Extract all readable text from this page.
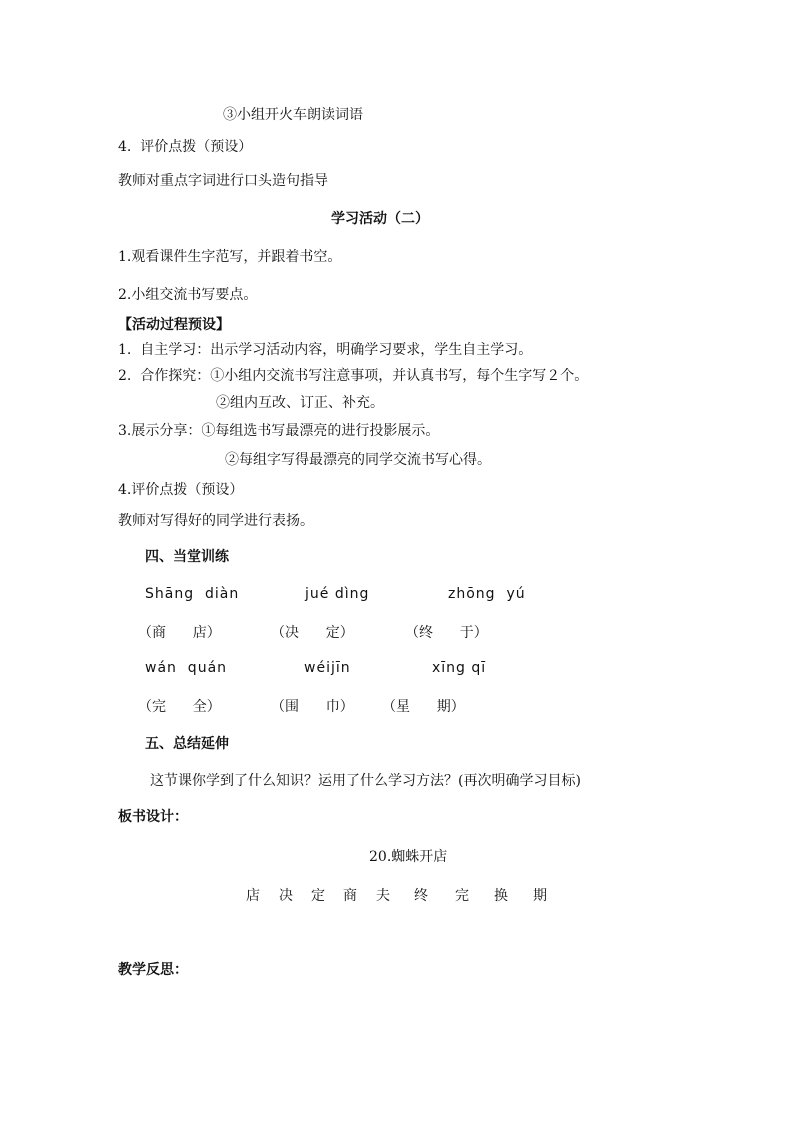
③小组开火车朗读词语
4.  评价点拨（预设）
教师对重点字词进行口头造句指导
学习活动（二）
1.观看课件生字范写，并跟着书空。
2.小组交流书写要点。
【活动过程预设】
1.  自主学习：出示学习活动内容，明确学习要求，学生自主学习。
2.  合作探究：①小组内交流书写注意事项，并认真书写，每个生字写２个。
②组内互改、订正、补充。
3.展示分享：①每组选书写最漂亮的进行投影展示。
②每组字写得最漂亮的同学交流书写心得。
4.评价点拨（预设）
教师对写得好的同学进行表扬。
四、当堂训练
Shāng  diàn	jué dìng	zhōng  yú
（商      店）	（决      定）	（终      于）
wán  quán	wéijīn	xīng qī
（完      全）	（围      巾） （星      期）
五、总结延伸
这节课你学到了什么知识？运用了什么学习方法？(再次明确学习目标)
板书设计：
20.蜘蛛开店
店 决 定 商 夫 终 完 换 期
教学反思：
